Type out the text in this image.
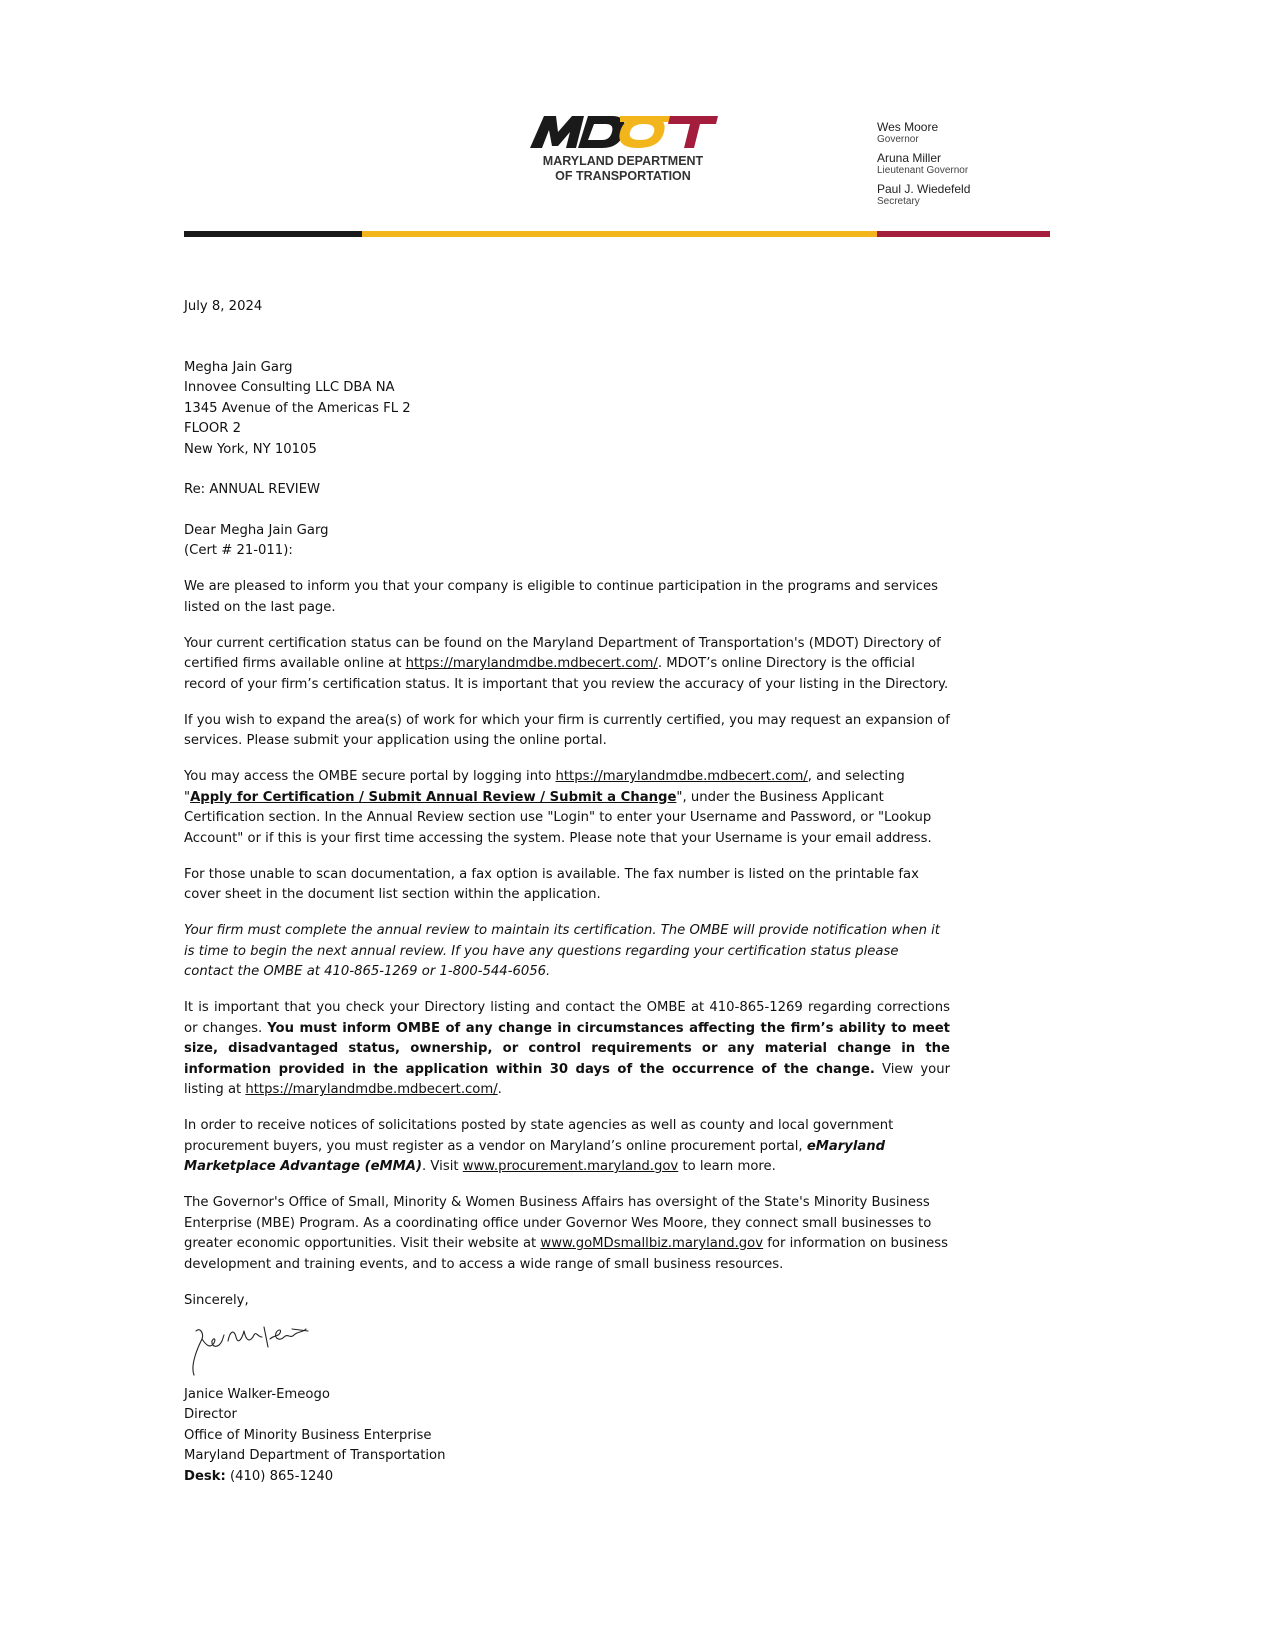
MARYLAND DEPARTMENT
OF TRANSPORTATION
Wes Moore
Governor
Aruna Miller
Lieutenant Governor
Paul J. Wiedefeld
Secretary
July 8, 2024
Megha Jain Garg
Innovee Consulting LLC DBA NA
1345 Avenue of the Americas FL 2
FLOOR 2
New York, NY 10105
Re: ANNUAL REVIEW
Dear Megha Jain Garg
(Cert # 21-011):

We are pleased to inform you that your company is eligible to continue participation in the programs and services listed on the last page.

Your current certification status can be found on the Maryland Department of Transportation's (MDOT) Directory of certified firms available online at https://marylandmdbe.mdbecert.com/. MDOT’s online Directory is the official record of your firm’s certification status. It is important that you review the accuracy of your listing in the Directory.

If you wish to expand the area(s) of work for which your firm is currently certified, you may request an expansion of services. Please submit your application using the online portal.

You may access the OMBE secure portal by logging into https://marylandmdbe.mdbecert.com/, and selecting "Apply for Certification / Submit Annual Review / Submit a Change", under the Business Applicant Certification section. In the Annual Review section use "Login" to enter your Username and Password, or "Lookup Account" or if this is your first time accessing the system. Please note that your Username is your email address.

For those unable to scan documentation, a fax option is available. The fax number is listed on the printable fax cover sheet in the document list section within the application.

Your firm must complete the annual review to maintain its certification. The OMBE will provide notification when it is time to begin the next annual review. If you have any questions regarding your certification status please contact the OMBE at 410-865-1269 or 1-800-544-6056.

It is important that you check your Directory listing and contact the OMBE at 410-865-1269 regarding corrections or changes. You must inform OMBE of any change in circumstances affecting the firm’s ability to meet size, disadvantaged status, ownership, or control requirements or any material change in the information provided in the application within 30 days of the occurrence of the change. View your listing at https://marylandmdbe.mdbecert.com/.

In order to receive notices of solicitations posted by state agencies as well as county and local government procurement buyers, you must register as a vendor on Maryland’s online procurement portal, eMaryland Marketplace Advantage (eMMA). Visit www.procurement.maryland.gov to learn more.

The Governor's Office of Small, Minority & Women Business Affairs has oversight of the State's Minority Business Enterprise (MBE) Program. As a coordinating office under Governor Wes Moore, they connect small businesses to greater economic opportunities. Visit their website at www.goMDsmallbiz.maryland.gov for information on business development and training events, and to access a wide range of small business resources.

Sincerely,
Janice Walker-Emeogo
Director
Office of Minority Business Enterprise
Maryland Department of Transportation
Desk: (410) 865-1240
